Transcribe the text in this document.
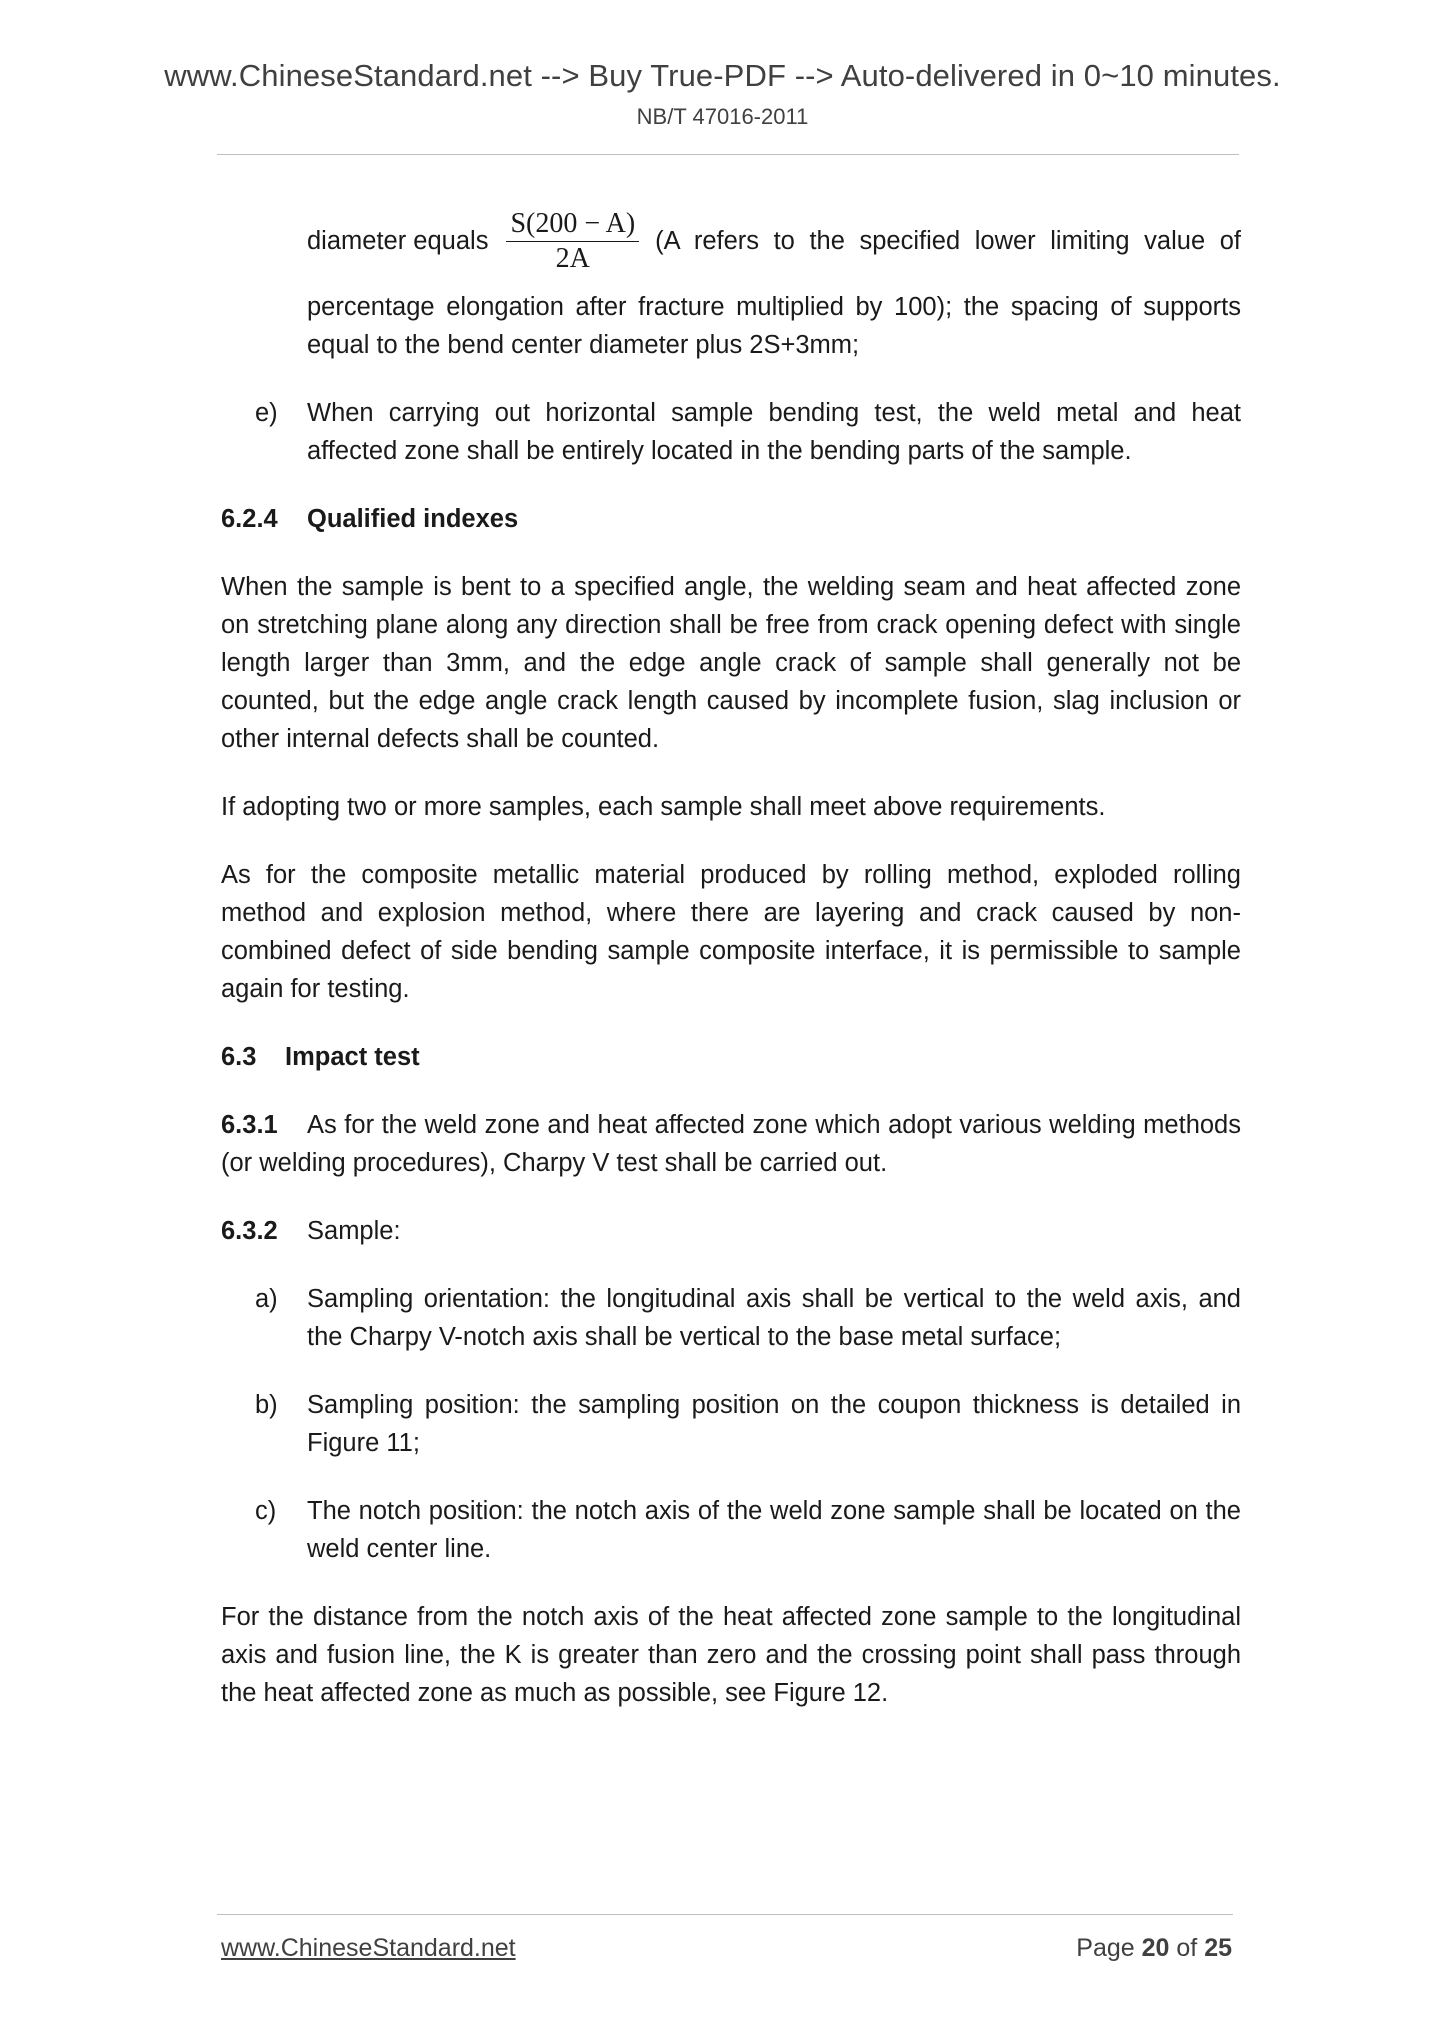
www.ChineseStandard.net --> Buy True-PDF --> Auto-delivered in 0~10 minutes.
NB/T 47016-2011
diameter equals $\frac{S(200 - A)}{2A} (A$ refers to the specified lower limiting value of

percentage elongation after fracture multiplied by 100); the spacing of supports equal to the bend center diameter plus 2S+3mm;

e)	When carrying out horizontal sample bending test, the weld metal and heat affected zone shall be entirely located in the bending parts of the sample.
6.2.4 Qualified indexes

When the sample is bent to a specified angle, the welding seam and heat affected zone on stretching plane along any direction shall be free from crack opening defect with single length larger than 3mm, and the edge angle crack of sample shall generally not be counted, but the edge angle crack length caused by incomplete fusion, slag inclusion or other internal defects shall be counted.

If adopting two or more samples, each sample shall meet above requirements.

As for the composite metallic material produced by rolling method, exploded rolling method and explosion method, where there are layering and crack caused by non-combined defect of side bending sample composite interface, it is permissible to sample again for testing.

6.3 Impact test

6.3.1 As for the weld zone and heat affected zone which adopt various welding methods (or welding procedures), Charpy V test shall be carried out.

6.3.2 Sample:

a)	Sampling orientation: the longitudinal axis shall be vertical to the weld axis, and the Charpy V-notch axis shall be vertical to the base metal surface;
b)	Sampling position: the sampling position on the coupon thickness is detailed in Figure 11;
c)	The notch position: the notch axis of the weld zone sample shall be located on the weld center line.

For the distance from the notch axis of the heat affected zone sample to the longitudinal axis and fusion line, the K is greater than zero and the crossing point shall pass through the heat affected zone as much as possible, see Figure 12.

www.ChineseStandard.net	Page 20 of 25
